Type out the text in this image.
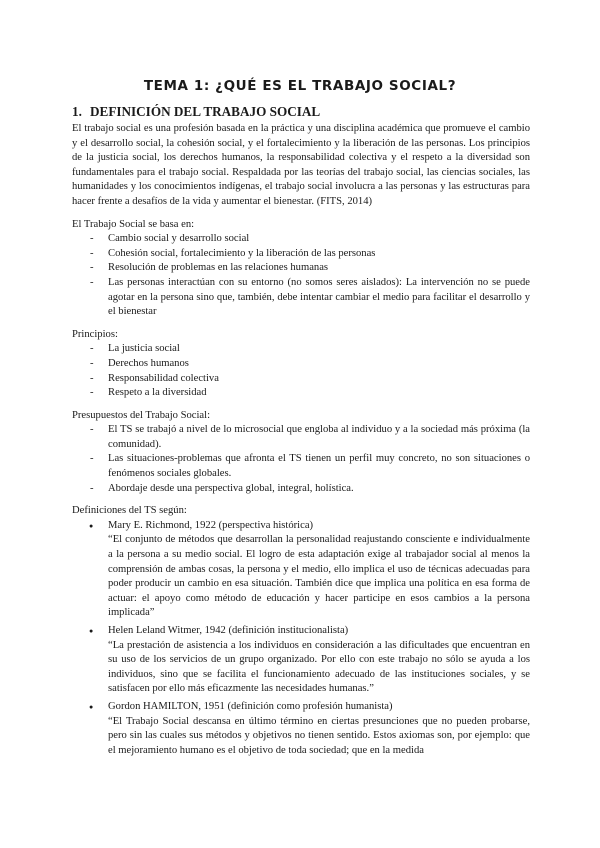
TEMA 1: ¿QUÉ ES EL TRABAJO SOCIAL?
1. DEFINICIÓN DEL TRABAJO SOCIAL

El trabajo social es una profesión basada en la práctica y una disciplina académica que promueve el cambio y el desarrollo social, la cohesión social, y el fortalecimiento y la liberación de las personas. Los principios de la justicia social, los derechos humanos, la responsabilidad colectiva y el respeto a la diversidad son fundamentales para el trabajo social. Respaldada por las teorías del trabajo social, las ciencias sociales, las humanidades y los conocimientos indígenas, el trabajo social involucra a las personas y las estructuras para hacer frente a desafíos de la vida y aumentar el bienestar. (FITS, 2014)

El Trabajo Social se basa en:

- Cambio social y desarrollo social
- Cohesión social, fortalecimiento y la liberación de las personas
- Resolución de problemas en las relaciones humanas
- Las personas interactúan con su entorno (no somos seres aislados): La intervención no se puede agotar en la persona sino que, también, debe intentar cambiar el medio para facilitar el desarrollo y el bienestar

Principios:

- La justicia social
- Derechos humanos
- Responsabilidad colectiva
- Respeto a la diversidad

Presupuestos del Trabajo Social:

- El TS se trabajó a nivel de lo microsocial que engloba al individuo y a la sociedad más próxima (la comunidad).
- Las situaciones-problemas que afronta el TS tienen un perfil muy concreto, no son situaciones o fenómenos sociales globales.
- Abordaje desde una perspectiva global, integral, holística.

Definiciones del TS según:

● Mary E. Richmond, 1922 (perspectiva histórica)
“El conjunto de métodos que desarrollan la personalidad reajustando consciente e individualmente a la persona a su medio social. El logro de esta adaptación exige al trabajador social al menos la comprensión de ambas cosas, la persona y el medio, ello implica el uso de técnicas adecuadas para poder producir un cambio en esa situación. También dice que implica una política en esa forma de actuar: el apoyo como método de educación y hacer participe en esos cambios a la persona implicada”
● Helen Leland Witmer, 1942 (definición institucionalista)
“La prestación de asistencia a los individuos en consideración a las dificultades que encuentran en su uso de los servicios de un grupo organizado. Por ello con este trabajo no sólo se ayuda a los individuos, sino que se facilita el funcionamiento adecuado de las instituciones sociales, y se satisfacen por ello más eficazmente las necesidades humanas.”
● Gordon HAMILTON, 1951 (definición como profesión humanista)
“El Trabajo Social descansa en último término en ciertas presunciones que no pueden probarse, pero sin las cuales sus métodos y objetivos no tienen sentido. Estos axiomas son, por ejemplo: que el mejoramiento humano es el objetivo de toda sociedad; que en la medida
